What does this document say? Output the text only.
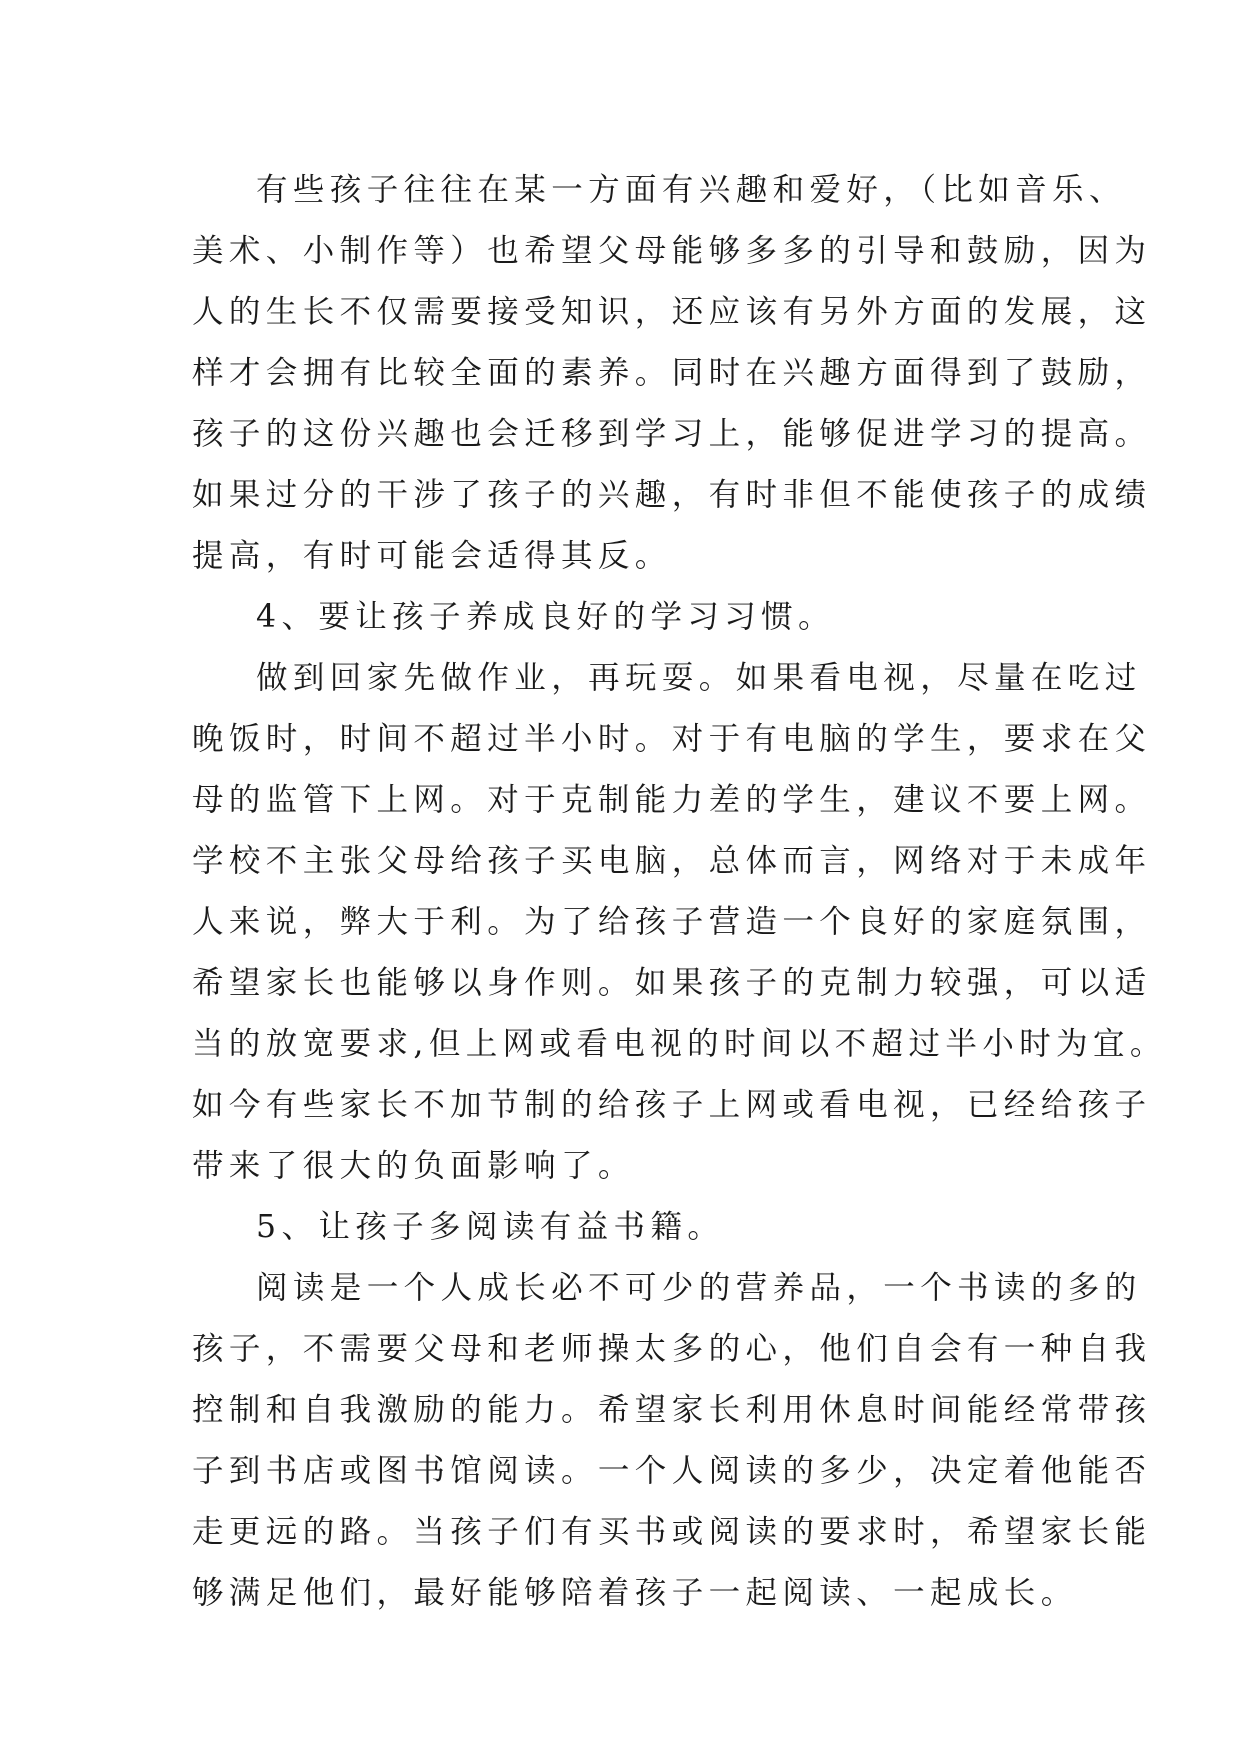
有些孩子往往在某一方面有兴趣和爱好，（比如音乐、
美术、小制作等）也希望父母能够多多的引导和鼓励，因为
人的生长不仅需要接受知识，还应该有另外方面的发展，这
样才会拥有比较全面的素养。同时在兴趣方面得到了鼓励，
孩子的这份兴趣也会迁移到学习上，能够促进学习的提高。
如果过分的干涉了孩子的兴趣，有时非但不能使孩子的成绩
提高，有时可能会适得其反。
4、要让孩子养成良好的学习习惯。
做到回家先做作业，再玩耍。如果看电视，尽量在吃过
晚饭时，时间不超过半小时。对于有电脑的学生，要求在父
母的监管下上网。对于克制能力差的学生，建议不要上网。
学校不主张父母给孩子买电脑，总体而言，网络对于未成年
人来说，弊大于利。为了给孩子营造一个良好的家庭氛围，
希望家长也能够以身作则。如果孩子的克制力较强，可以适
当的放宽要求,但上网或看电视的时间以不超过半小时为宜。
如今有些家长不加节制的给孩子上网或看电视，已经给孩子
带来了很大的负面影响了。
5、让孩子多阅读有益书籍。
阅读是一个人成长必不可少的营养品，一个书读的多的
孩子，不需要父母和老师操太多的心，他们自会有一种自我
控制和自我激励的能力。希望家长利用休息时间能经常带孩
子到书店或图书馆阅读。一个人阅读的多少，决定着他能否
走更远的路。当孩子们有买书或阅读的要求时，希望家长能
够满足他们，最好能够陪着孩子一起阅读、一起成长。
